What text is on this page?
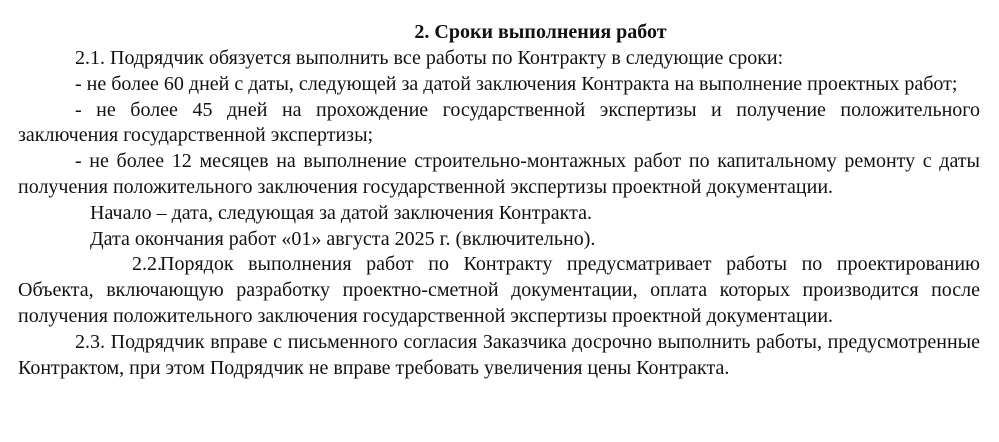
2. Сроки выполнения работ

2.1. Подрядчик обязуется выполнить все работы по Контракту в следующие сроки:

- не более 60 дней с даты, следующей за датой заключения Контракта на выполнение проектных работ;

- не более 45 дней на прохождение государственной экспертизы и получение положительного заключения государственной экспертизы;

- не более 12 месяцев на выполнение строительно-монтажных работ по капитальному ремонту с даты получения положительного заключения государственной экспертизы проектной документации.

Начало – дата, следующая за датой заключения Контракта.

Дата окончания работ «01» августа 2025 г. (включительно).

2.2.Порядок выполнения работ по Контракту предусматривает работы по проектированию Объекта, включающую разработку проектно-сметной документации, оплата которых производится после получения положительного заключения государственной экспертизы проектной документации.

2.3. Подрядчик вправе с письменного согласия Заказчика досрочно выполнить работы, предусмотренные Контрактом, при этом Подрядчик не вправе требовать увеличения цены Контракта.
